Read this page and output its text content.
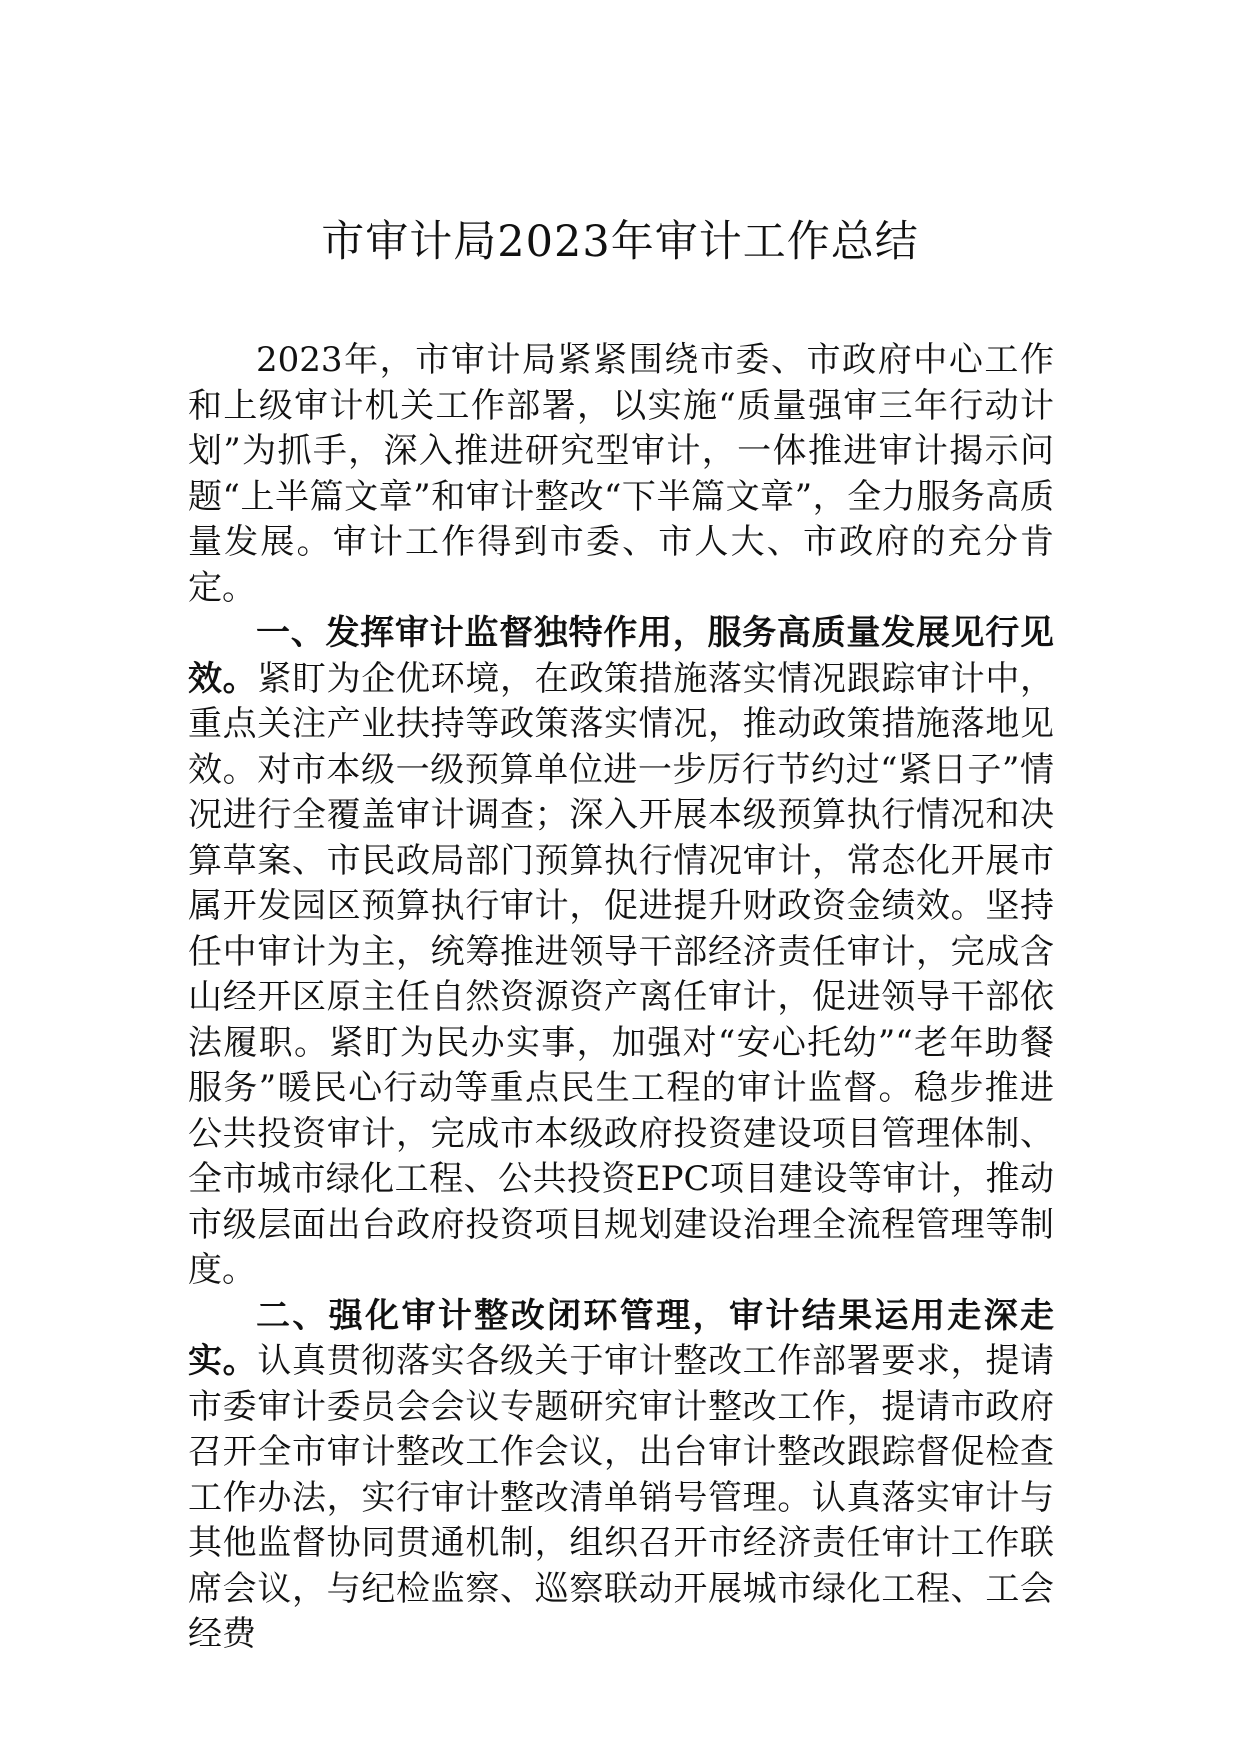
市审计局2023年审计工作总结

2023年，市审计局紧紧围绕市委、市政府中心工作和上级审计机关工作部署，以实施“质量强审三年行动计划”为抓手，深入推进研究型审计，一体推进审计揭示问题“上半篇文章”和审计整改“下半篇文章”，全力服务高质量发展。审计工作得到市委、市人大、市政府的充分肯定。

一、发挥审计监督独特作用，服务高质量发展见行见效。紧盯为企优环境，在政策措施落实情况跟踪审计中，重点关注产业扶持等政策落实情况，推动政策措施落地见效。对市本级一级预算单位进一步厉行节约过“紧日子”情况进行全覆盖审计调查；深入开展本级预算执行情况和决算草案、市民政局部门预算执行情况审计，常态化开展市属开发园区预算执行审计，促进提升财政资金绩效。坚持任中审计为主，统筹推进领导干部经济责任审计，完成含山经开区原主任自然资源资产离任审计，促进领导干部依法履职。紧盯为民办实事，加强对“安心托幼”“老年助餐服务”暖民心行动等重点民生工程的审计监督。稳步推进公共投资审计，完成市本级政府投资建设项目管理体制、全市城市绿化工程、公共投资EPC项目建设等审计，推动市级层面出台政府投资项目规划建设治理全流程管理等制度。

二、强化审计整改闭环管理，审计结果运用走深走实。认真贯彻落实各级关于审计整改工作部署要求，提请市委审计委员会会议专题研究审计整改工作，提请市政府召开全市审计整改工作会议，出台审计整改跟踪督促检查工作办法，实行审计整改清单销号管理。认真落实审计与其他监督协同贯通机制，组织召开市经济责任审计工作联席会议，与纪检监察、巡察联动开展城市绿化工程、工会经费
